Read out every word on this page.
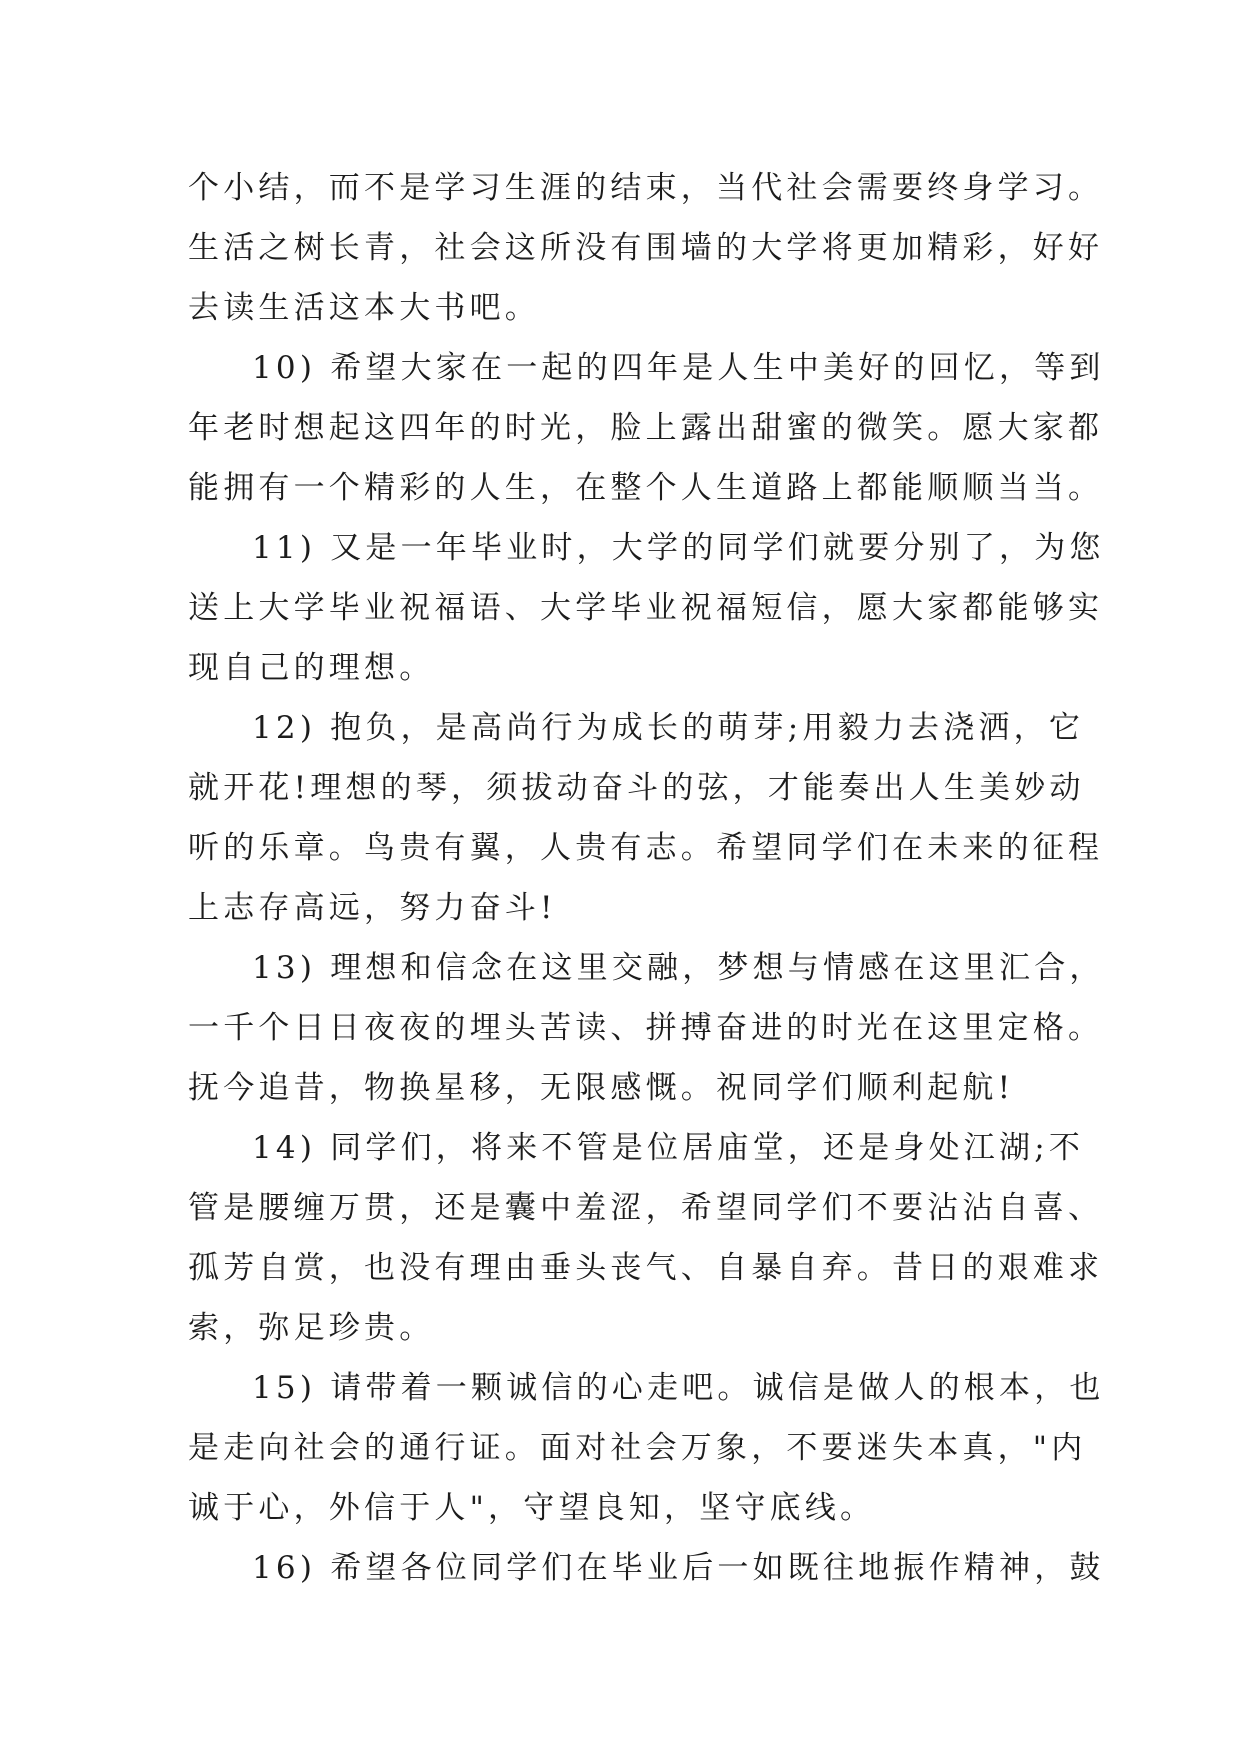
个小结，而不是学习生涯的结束，当代社会需要终身学习。
生活之树长青，社会这所没有围墙的大学将更加精彩，好好
去读生活这本大书吧。
10) 希望大家在一起的四年是人生中美好的回忆，等到
年老时想起这四年的时光，脸上露出甜蜜的微笑。愿大家都
能拥有一个精彩的人生，在整个人生道路上都能顺顺当当。
11) 又是一年毕业时，大学的同学们就要分别了，为您
送上大学毕业祝福语、大学毕业祝福短信，愿大家都能够实
现自己的理想。
12) 抱负，是高尚行为成长的萌芽;用毅力去浇洒，它
就开花!理想的琴，须拔动奋斗的弦，才能奏出人生美妙动
听的乐章。鸟贵有翼，人贵有志。希望同学们在未来的征程
上志存高远，努力奋斗!
13) 理想和信念在这里交融，梦想与情感在这里汇合，
一千个日日夜夜的埋头苦读、拼搏奋进的时光在这里定格。
抚今追昔，物换星移，无限感慨。祝同学们顺利起航!
14) 同学们，将来不管是位居庙堂，还是身处江湖;不
管是腰缠万贯，还是囊中羞涩，希望同学们不要沾沾自喜、
孤芳自赏，也没有理由垂头丧气、自暴自弃。昔日的艰难求
索，弥足珍贵。
15) 请带着一颗诚信的心走吧。诚信是做人的根本，也
是走向社会的通行证。面对社会万象，不要迷失本真，"内
诚于心，外信于人"，守望良知，坚守底线。
16) 希望各位同学们在毕业后一如既往地振作精神，鼓
